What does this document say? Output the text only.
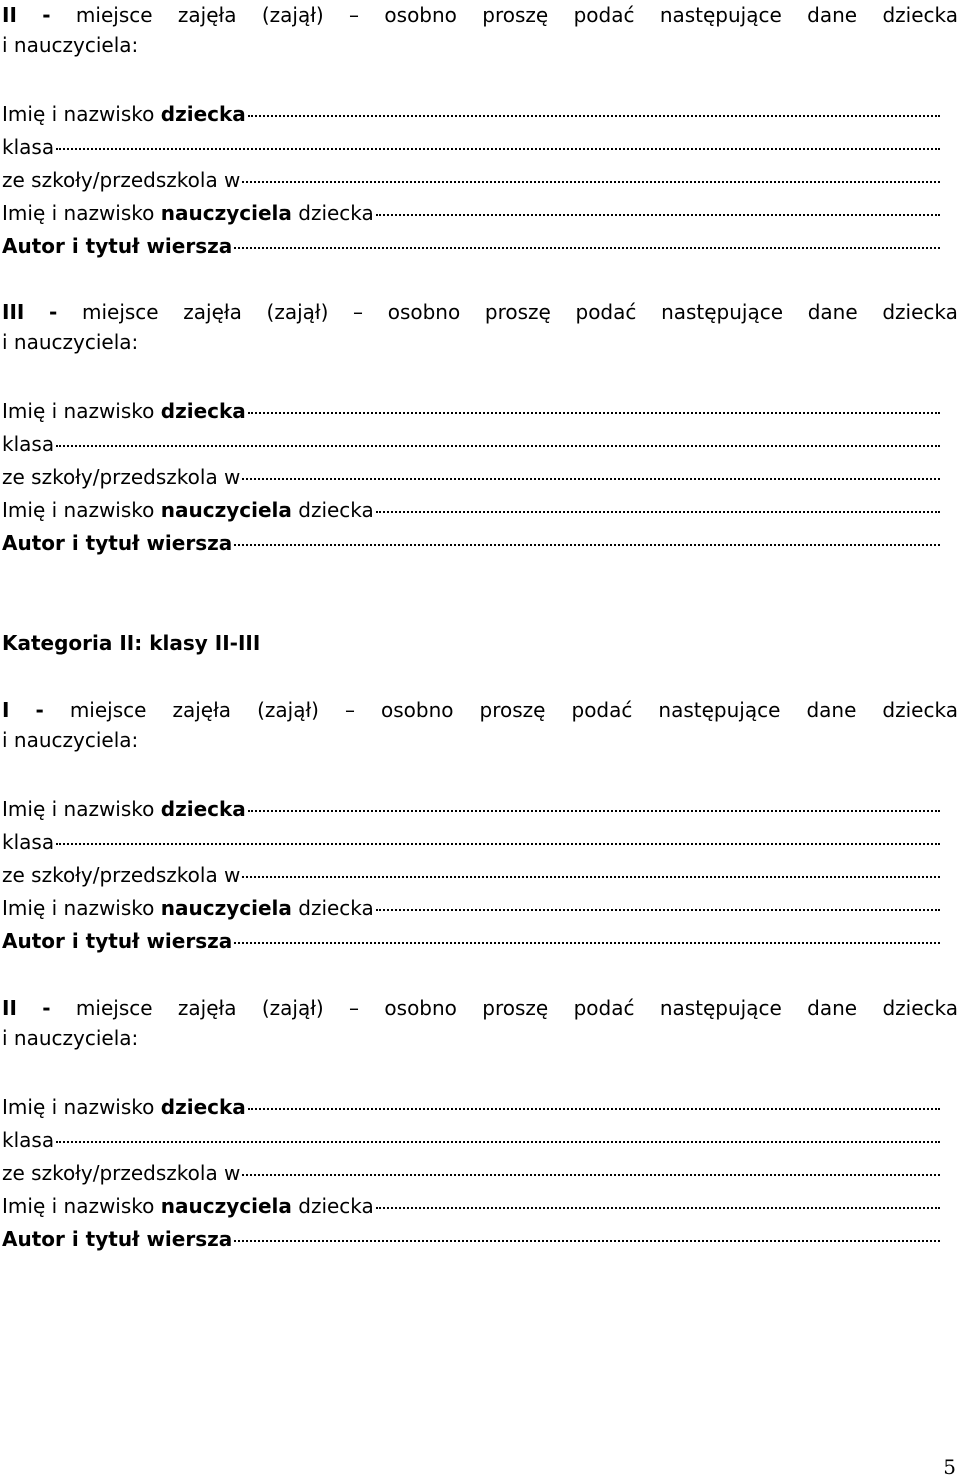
II - miejsce zajęła (zajął) – osobno proszę podać następujące dane dziecka
i nauczyciela:
Imię i nazwisko
dziecka
klasa
ze szkoły/przedszkola w
Imię i nazwisko
nauczyciela
dziecka
Autor i tytuł wiersza
III - miejsce zajęła (zajął) – osobno proszę podać następujące dane dziecka
i nauczyciela:
Imię i nazwisko
dziecka
klasa
ze szkoły/przedszkola w
Imię i nazwisko
nauczyciela
dziecka
Autor i tytuł wiersza
Kategoria II: klasy II-III
I - miejsce zajęła (zajął) – osobno proszę podać następujące dane dziecka
i nauczyciela:
Imię i nazwisko
dziecka
klasa
ze szkoły/przedszkola w
Imię i nazwisko
nauczyciela
dziecka
Autor i tytuł wiersza
II - miejsce zajęła (zajął) – osobno proszę podać następujące dane dziecka
i nauczyciela:
Imię i nazwisko
dziecka
klasa
ze szkoły/przedszkola w
Imię i nazwisko
nauczyciela
dziecka
Autor i tytuł wiersza
5
